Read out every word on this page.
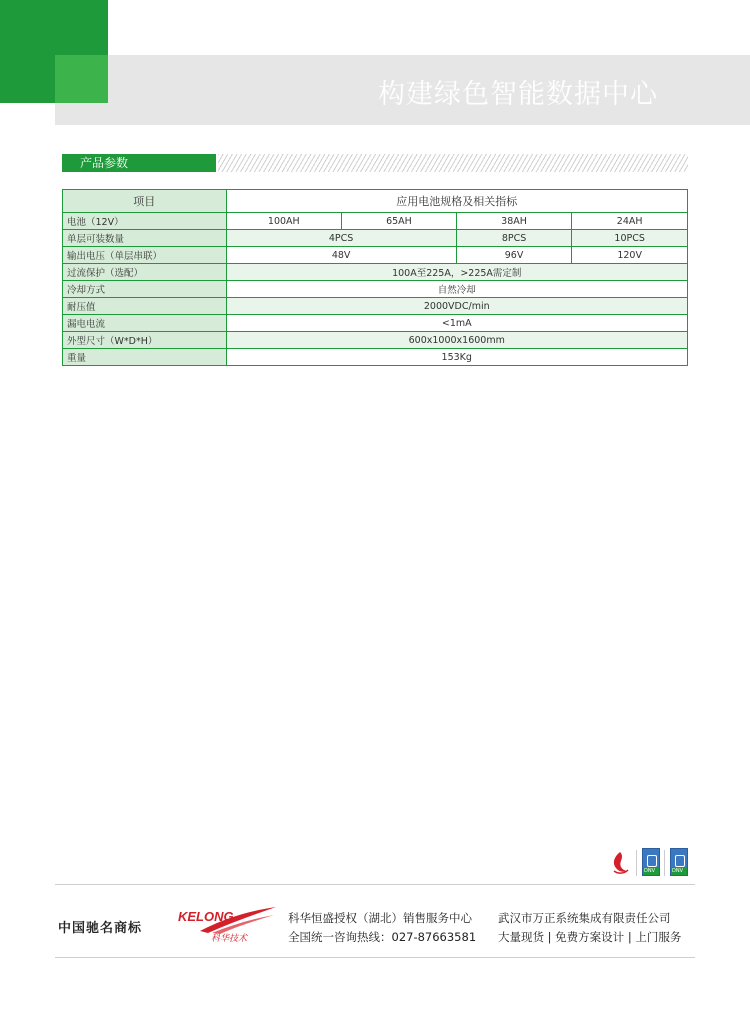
构建绿色智能数据中心
产品参数
项目	应用电池规格及相关指标			
电池（12V）	100AH	65AH	38AH	24AH
单层可装数量	4PCS		8PCS	10PCS
输出电压（单层串联）	48V		96V	120V
过流保护（选配）	100A至225A，>225A需定制			
冷却方式	自然冷却			
耐压值	2000VDC/min			
漏电电流	<1mA			
外型尺寸（W*D*H）	600x1000x1600mm			
重量	153Kg			
DNV	DNV
中国驰名商标
KELONG
科华技术
科华恒盛授权（湖北）销售服务中心
全国统一咨询热线：027-87663581
武汉市万正系统集成有限责任公司
大量现货 | 免费方案设计 | 上门服务
